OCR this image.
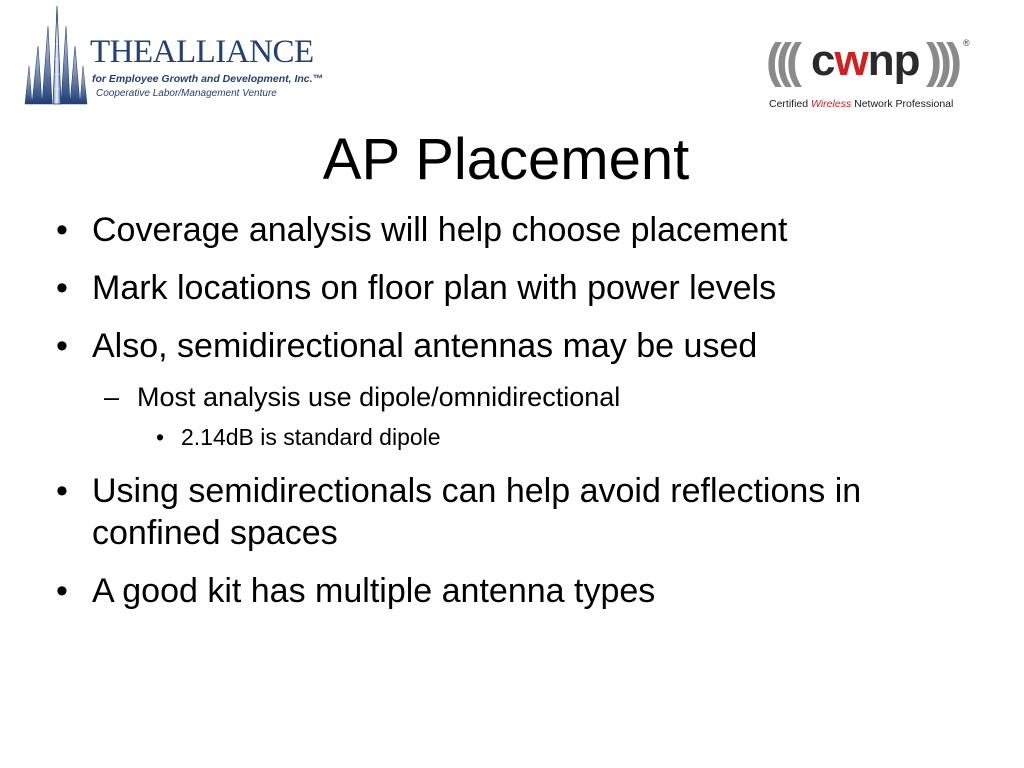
THEALLIANCE
for Employee Growth and Development, Inc.™
Cooperative Labor/Management Venture
((( cwnp ))) ®
Certified Wireless Network Professional
AP Placement
• Coverage analysis will help choose placement
• Mark locations on floor plan with power levels
• Also, semidirectional antennas may be used
– Most analysis use dipole/omnidirectional
• 2.14dB is standard dipole
• Using semidirectionals can help avoid reflections in confined spaces
• A good kit has multiple antenna types
